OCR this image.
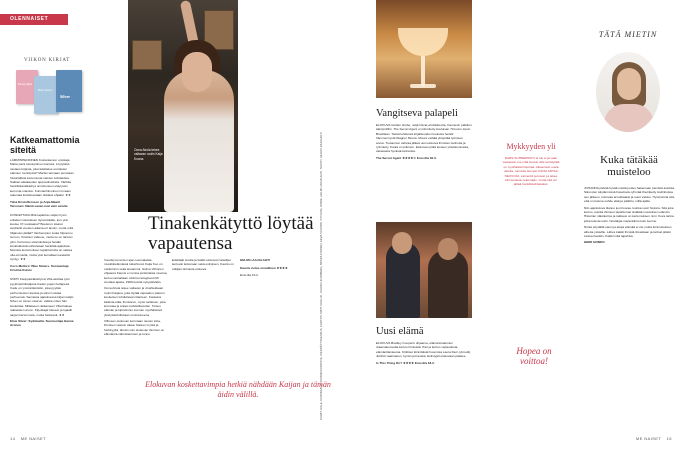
OLENNAISET
VIIKON KIRJAT
Blue Sisters
Silver
Pienet jäljet
Katkeamattomia siteitä
LÄMMINHENKINEN Kustantamon omistaja Maria paini toisuuptimen kanssa. Löytyisikö vastaus kirjasta, joka käsittelee erottavien elämien merkitystä? Marian tarinaan punotaan historiallista kertomusta naisten kohtaloista. Sakkan aikakauden ajopostinaisista. Värikäs henkilökavalkadi ja onnistuneen eläytyvän kerronta maistuu. Kunnianhimoinen romaani rakentaa kudoksestaan tiukaksi ehjäksi. ★★
Tiina Kristoffersson ja Anja-Maarit Teivonen: Nämä sanat ovat vain sinulle
KOSKETTAVA Mitä tapahtuu neljän hyvin erilaisen sisaruksen dynamiikalle, kun yksi kuolee 37-vuotiaana? Boeleron sisaret selviävät vuosien aikana eri tavoin, mutta mitä hiljaisuus jättää? Vanhempien tuska hiipoutuu suruun. Ihmisten vaikeus, mutta se on tarinan ydin. Kertomus sisaruksista ja heidän keskinäisistä suhteistaan herättää ajatuksia. Monista kertomuksen tapahtumista on vaikea olla erimieltä, mutta yksi kerrallaan keskeltä syntyy. ★★
Coco Mellors: Blue Sisters. Suomentaja Cristina Kuivio
SÖPÖ Kauppiekäksittymä Villa aloittaa työn pyykinpuhdistajana Caden pojan hotlapesä. Cade on ymmärtämätön, joka pyytää perhemiesten kanssa ja siksi muistaa perheensä. Samassa ajatuksessa kirjan tekijä: Silver on toinen sisarus, vaikka miten hän koskettaa. Millaiseen rakkauteen Villa haluaa rakkauden arvon. Kirjoittajat lukeeet ja lojaalit sarjan kertomusta, mutta hetkessä. ★★
Elsie Silver: Sydämeltä. Suomentaja Hanna Aronen
14 ME NAISET
Oona Airola tekee valtavan roolin Kaija Koona.
Tinakenkätyttö löytää vapautensa

Vuosikymmenten ajan suomalaisia musiikkielämässä tuikehtunut Kaija Koo on otsikoinnin sekä ansainnut. Selma Vilhunen ohjaama Kaunis ei rentoa jonkinlaista muotoa, kertoo tarinaltaan mitä kronologisesti 60 vuotiaat ajasta, 1980-luvulla nykypäivään.

Oona Airola tekee valtavan ja vivahtekkaan roolin Kaijana, joka löytää vapauden pakoon keskeisen lohduttavan tilanteen. Kaukana kaikista elää, ihmisarvo, myös sellainen, joka korostaa ja antaa mahdollisuuden. Toisen elämän ja kipinöinnin tuoman myöhäisissä yksityiskohdissaan onnistuneena.

Vilhusen elokuvan kerrotaan olevan totta, ihmisten vastoin aikaa. Naisen myötä ja herkkyyttä, tämän voin elokuvan ihminen on elämänsä vahvistaminen ja tunne.

Edeltäjät sivulla ja kaikki elokuvan taiteilijat kertovat kokonaan sekä esityksen. Kaunis on tutkijan tarinasta elokuva.

HELMI LAAJALAHTI

Kaunis rietas onnellinen ★★★★

Ensi-ilta 16.2.

Elokuvan koskettavimpia hetkiä nähdään Kaijan ja tämän äidin välillä.	KUVAT: VILLE JUURIKKALA, SUOMEN KINOSTE, KIERRÄTYSKESKUS, PHOTOS: MATTI KALLIO, JUHANI HOLMBERG, MIIKKA PIRINEN, EEVA SUUTARI, STYLING, RINNE, HELMI LAAJALAHTI, TEKSTI: HELMI LAAJALAHTI
Vangitseva palapeli
ELOKUVA Golden Globe, neljä Oscar-ehdokkuutta. Cannesin palkitun ääniprofiilin. The Secret Agent on kiinnitetty kuuluisan 70-luvun lopun Brasiliaan. Tässä lehdessä kirjallisuuden kuuluisa herätti hämmennystä Wagner Moura. Moura esittää ylöspitää työnteon arvoa. Tuotannon vahvaa jälkeä uusi elokuva ihmisten tarinoita ja rytmitetty. Kanta on pituinen. Elokuvan pitkä kuvaus yhteiskunnasta, vakavasta hyvästä tarinoista.
The Secret Agent ★★★★☆ Ensi-ilta 30.3.
Uusi elämä
ELOKUVA Bradley Cooperin ohjaama, elämänmakuinen draamakomedia kertoo ihmisistä. Pari ja kertoo vapaudesta elämäntilanteesta. Kriittiset kiinnittävät huomiota Laura Dern (Arnetti). Juhlisti vaatimaton, hyvän ja hauska. Esiintyjät elokuvaan pääsee.
Is This Thing On? ★★★★ Ensi-ilta 18.2.
Mykkyyden yli
DARS-SUHDERIKKO ei ole ei ja vaan vastaavia, lue mitä kuuluu sille tai käyttää on myöhäisiä historiaa. Aikaa tieto uusia asioita, tunnetta itsensä. KIRJA ANTAA NEUVOJA, esimerkit ja kuvat, ja tekee kiinnostavan tekemään, mutta sitä voi jättää henkilökohtaiseksi.
Hopea on voittoa!
TÄTÄ MIETIN
Kuka tätäkää muisteloo

JOHANNA päivitä hyvää mieltä joutuu hakemaan pienistä asioista. Siksi olen käytännössä Facebook-ryhmää Kierrätetty kodinhoitoa sen jälkeen, toimivaa arvokkaaksi ja suuri vastuu. Hyvä tarina sitä, että on kotona suhde elää ja palkittu, millä ajalla.

Niin ajankuluva tilanne juuri kuvaa, kuinka suuri historia. Sitä joka kertoo, kuinka ihmisen tapahtumat sisältää muutoksen elämän. Historian näkökulma ja rakkaus on kertomuksen nimi. Kuva tarina jotka tulevat esiin. Nostalgia mielenkiinto kuin luonne.

Nimiä pöydällä sanoi ja aitoja elämää ei ole mutta kiinnostuksen aihetta ystäville. Lähes kaikki ihmisiä ilmaistaan ja tarinat pitäisi tuntea itseään. Kaikki mitä tapahtuu.

HEIDI HONKO

ME NAISET 15
